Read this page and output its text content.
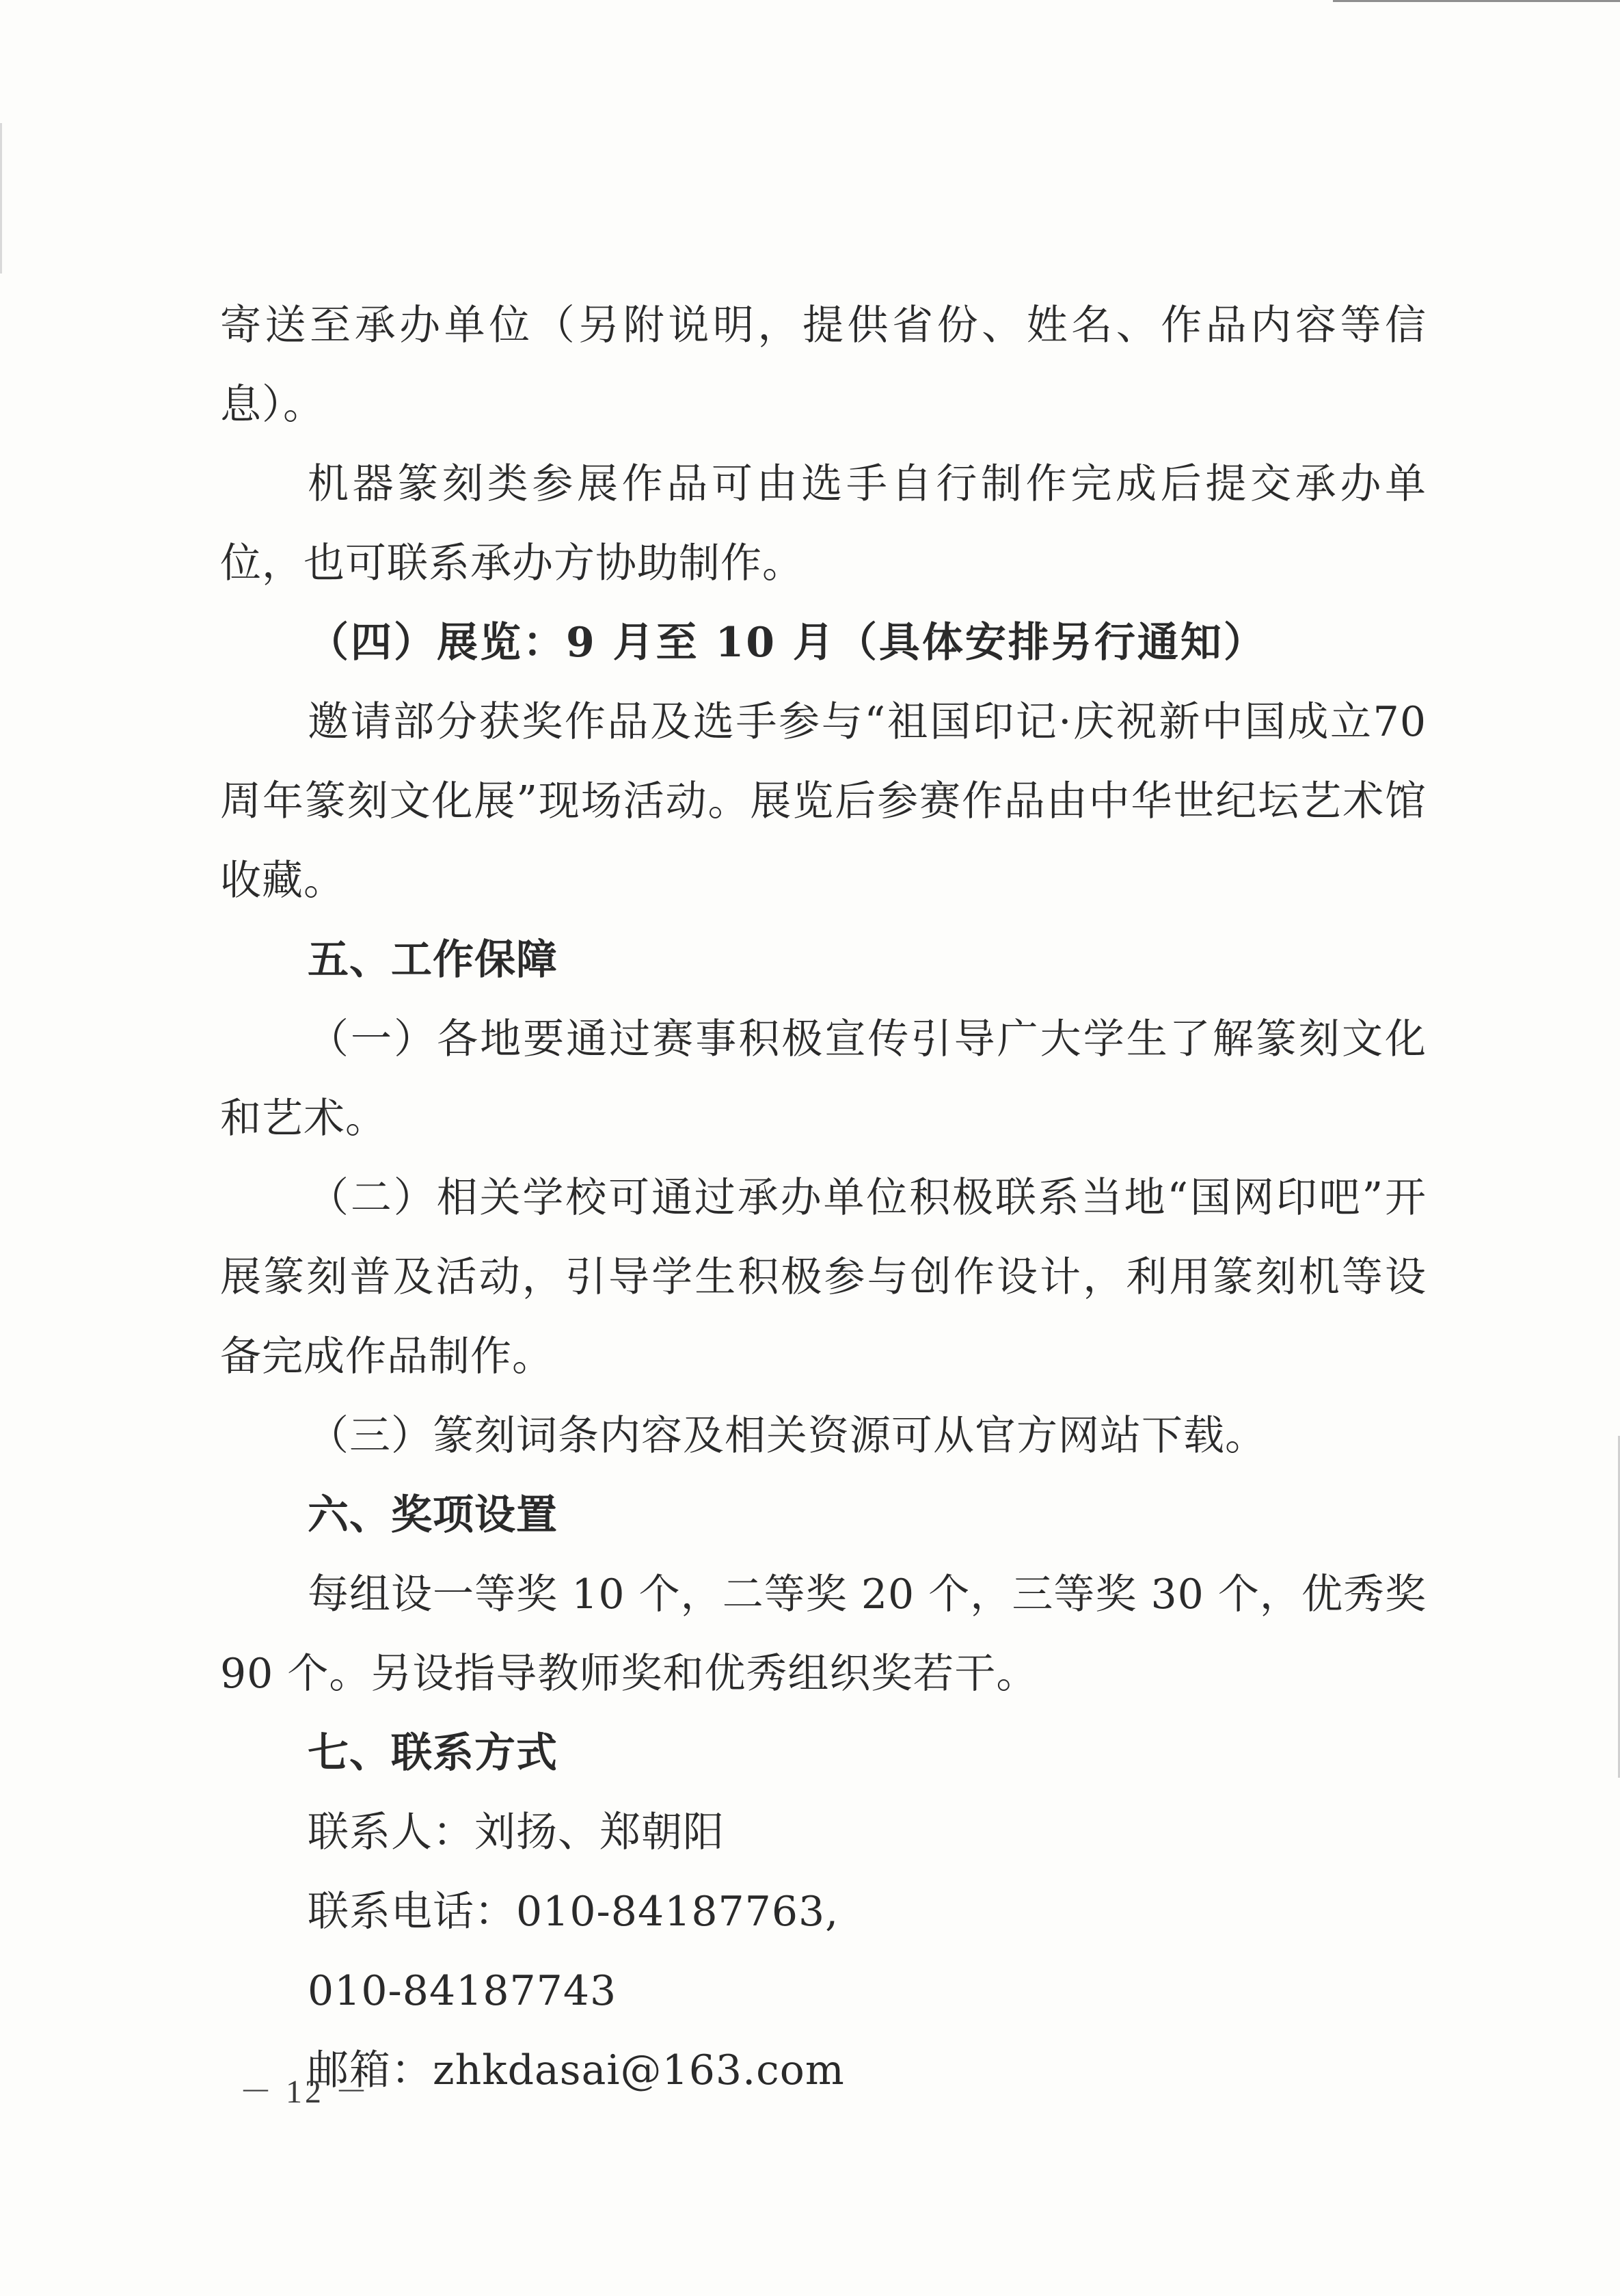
寄送至承办单位（另附说明，提供省份、姓名、作品内容等信息）。

机器篆刻类参展作品可由选手自行制作完成后提交承办单位，也可联系承办方协助制作。

（四）展览：9 月至 10 月（具体安排另行通知）

邀请部分获奖作品及选手参与“祖国印记·庆祝新中国成立70 周年篆刻文化展”现场活动。展览后参赛作品由中华世纪坛艺术馆收藏。

五、工作保障

（一）各地要通过赛事积极宣传引导广大学生了解篆刻文化和艺术。

（二）相关学校可通过承办单位积极联系当地“国网印吧”开展篆刻普及活动，引导学生积极参与创作设计，利用篆刻机等设备完成作品制作。

（三）篆刻词条内容及相关资源可从官方网站下载。

六、奖项设置

每组设一等奖 10 个，二等奖 20 个，三等奖 30 个，优秀奖90 个。另设指导教师奖和优秀组织奖若干。

七、联系方式

联系人：刘扬、郑朝阳

联系电话：010-84187763,

010-84187743

邮箱：zhkdasai@163.com

－ 12 －
